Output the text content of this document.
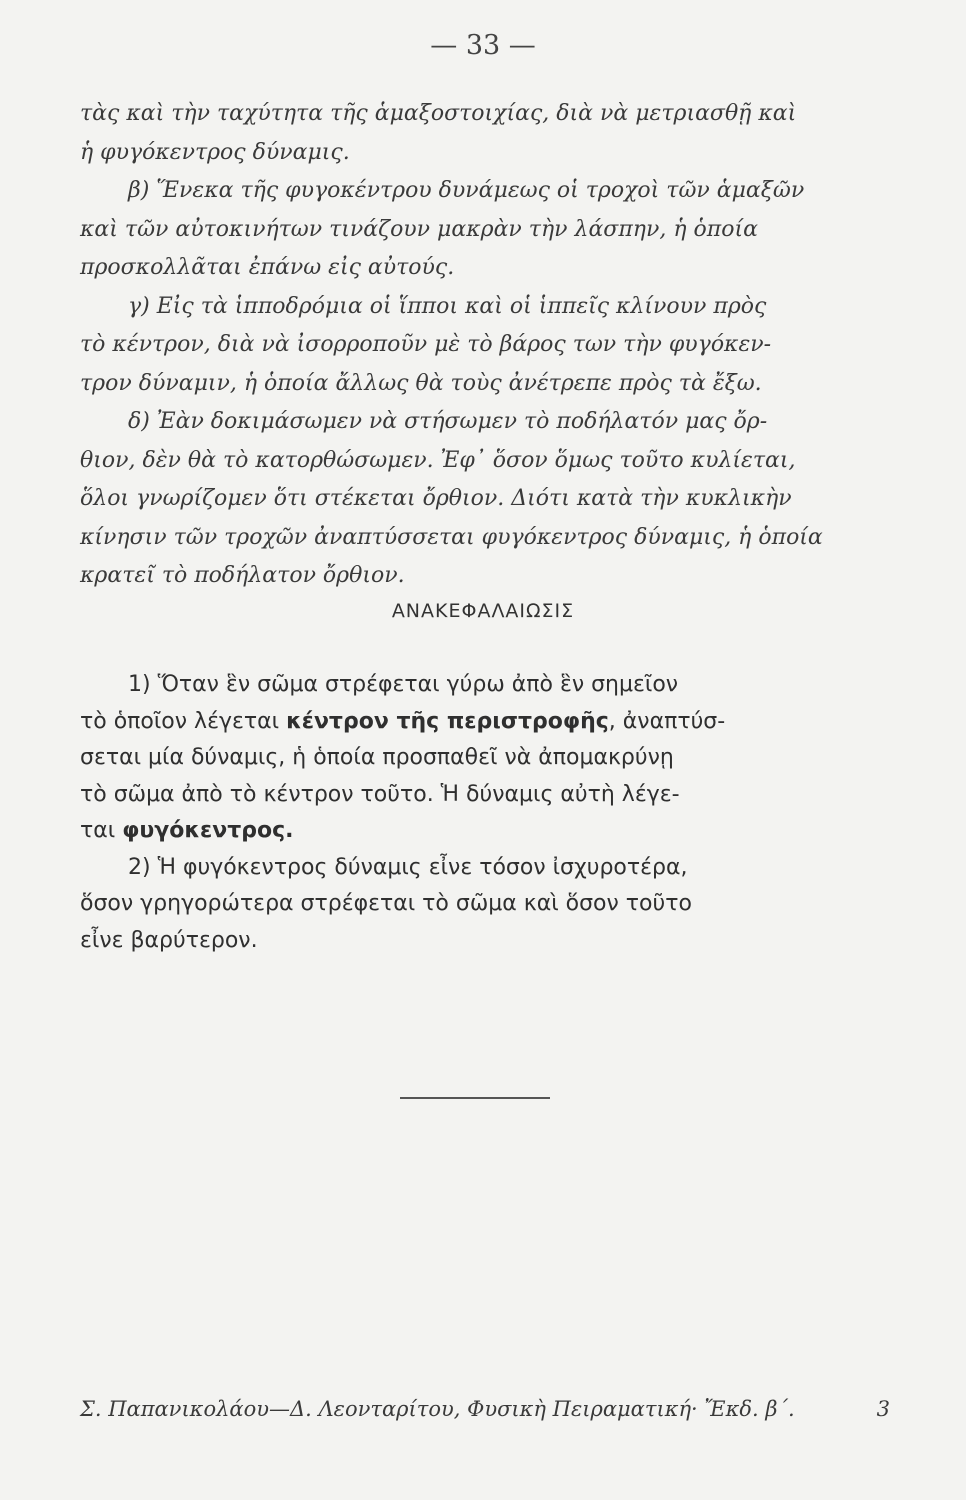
— 33 —
τὰς καὶ τὴν ταχύτητα τῆς ἁμαξοστοιχίας, διὰ νὰ μετριασθῇ καὶ
ἡ φυγόκεντρος δύναμις.
β) Ἕνεκα τῆς φυγοκέντρου δυνάμεως οἱ τροχοὶ τῶν ἁμαξῶν
καὶ τῶν αὐτοκινήτων τινάζουν μακρὰν τὴν λάσπην, ἡ ὁποία
προσκολλᾶται ἐπάνω εἰς αὐτούς.
γ) Εἰς τὰ ἱπποδρόμια οἱ ἵπποι καὶ οἱ ἱππεῖς κλίνουν πρὸς
τὸ κέντρον, διὰ νὰ ἰσορροποῦν μὲ τὸ βάρος των τὴν φυγόκεν-
τρον δύναμιν, ἡ ὁποία ἄλλως θὰ τοὺς ἀνέτρεπε πρὸς τὰ ἔξω.
δ) Ἐὰν δοκιμάσωμεν νὰ στήσωμεν τὸ ποδήλατόν μας ὄρ-
θιον, δὲν θὰ τὸ κατορθώσωμεν. Ἐφ᾽ ὅσον ὅμως τοῦτο κυλίεται,
ὅλοι γνωρίζομεν ὅτι στέκεται ὄρθιον. Διότι κατὰ τὴν κυκλικὴν
κίνησιν τῶν τροχῶν ἀναπτύσσεται φυγόκεντρος δύναμις, ἡ ὁποία
κρατεῖ τὸ ποδήλατον ὄρθιον.
ΑΝΑΚΕΦΑΛΑΙΩΣΙΣ
1) Ὅταν ἓν σῶμα στρέφεται γύρω ἀπὸ ἓν σημεῖον
τὸ ὁποῖον λέγεται κέντρον τῆς περιστροφῆς, ἀναπτύσ-
σεται μία δύναμις, ἡ ὁποία προσπαθεῖ νὰ ἀπομακρύνῃ
τὸ σῶμα ἀπὸ τὸ κέντρον τοῦτο. Ἡ δύναμις αὐτὴ λέγε-
ται φυγόκεντρος.
2) Ἡ φυγόκεντρος δύναμις εἶνε τόσον ἰσχυροτέρα,
ὅσον γρηγορώτερα στρέφεται τὸ σῶμα καὶ ὅσον τοῦτο
εἶνε βαρύτερον.
Σ. Παπανικολάου—Δ. Λεονταρίτου, Φυσικὴ Πειραματική· Ἔκδ. β΄.	3
